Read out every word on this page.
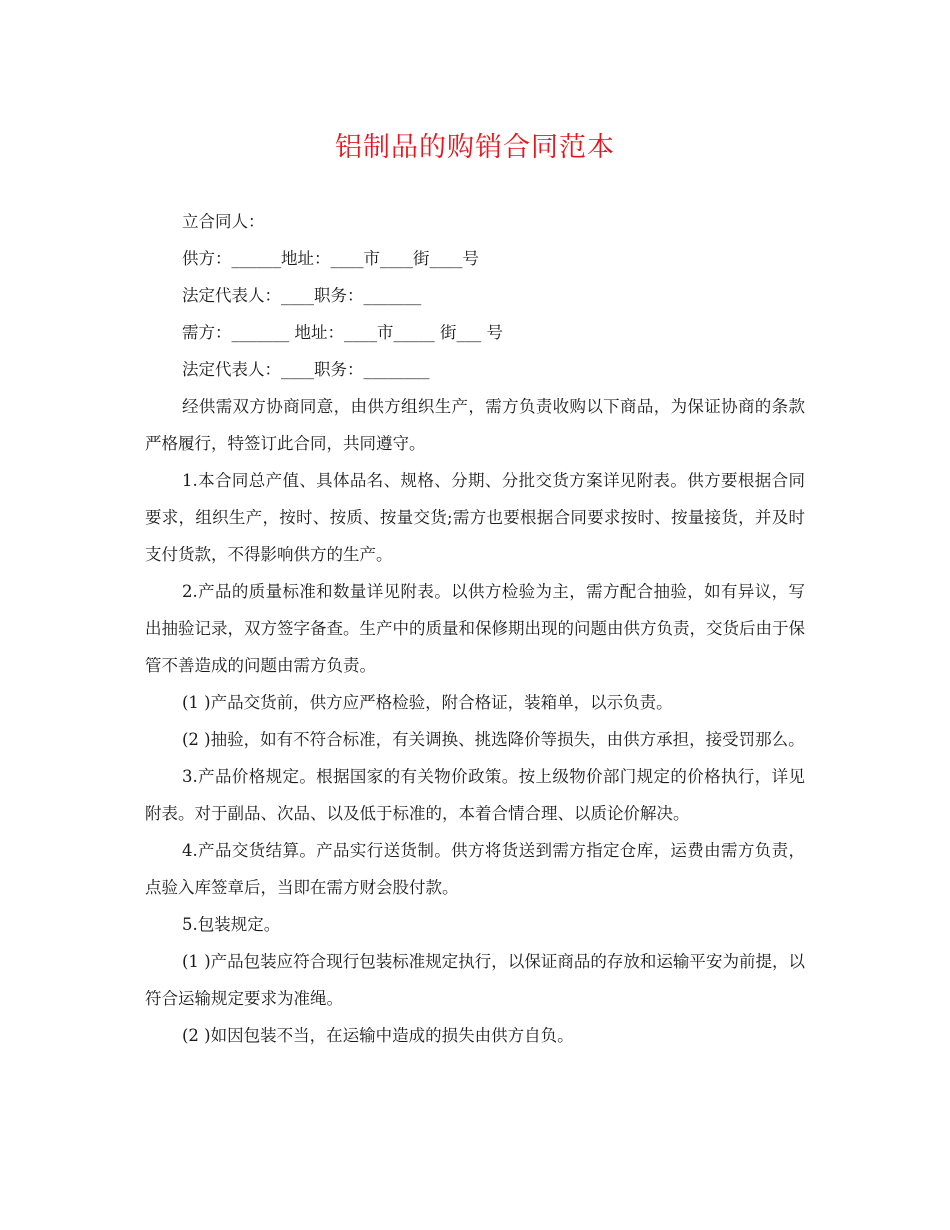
铝制品的购销合同范本

立合同人：

供方：______地址：____市____街____号

法定代表人：____职务：_______

需方：_______ 地址：____市_____ 街___ 号

法定代表人：____职务：________

经供需双方协商同意，由供方组织生产，需方负责收购以下商品，为保证协商的条款严格履行，特签订此合同，共同遵守。

1.本合同总产值、具体品名、规格、分期、分批交货方案详见附表。供方要根据合同要求，组织生产，按时、按质、按量交货;需方也要根据合同要求按时、按量接货，并及时支付货款，不得影响供方的生产。

2.产品的质量标准和数量详见附表。以供方检验为主，需方配合抽验，如有异议，写出抽验记录，双方签字备查。生产中的质量和保修期出现的问题由供方负责，交货后由于保管不善造成的问题由需方负责。

(1 )产品交货前，供方应严格检验，附合格证，装箱单，以示负责。

(2 )抽验，如有不符合标准，有关调换、挑选降价等损失，由供方承担，接受罚那么。

3.产品价格规定。根据国家的有关物价政策。按上级物价部门规定的价格执行，详见附表。对于副品、次品、以及低于标准的，本着合情合理、以质论价解决。

4.产品交货结算。产品实行送货制。供方将货送到需方指定仓库，运费由需方负责，点验入库签章后，当即在需方财会股付款。

5.包装规定。

(1 )产品包装应符合现行包装标准规定执行，以保证商品的存放和运输平安为前提，以符合运输规定要求为准绳。

(2 )如因包装不当，在运输中造成的损失由供方自负。
